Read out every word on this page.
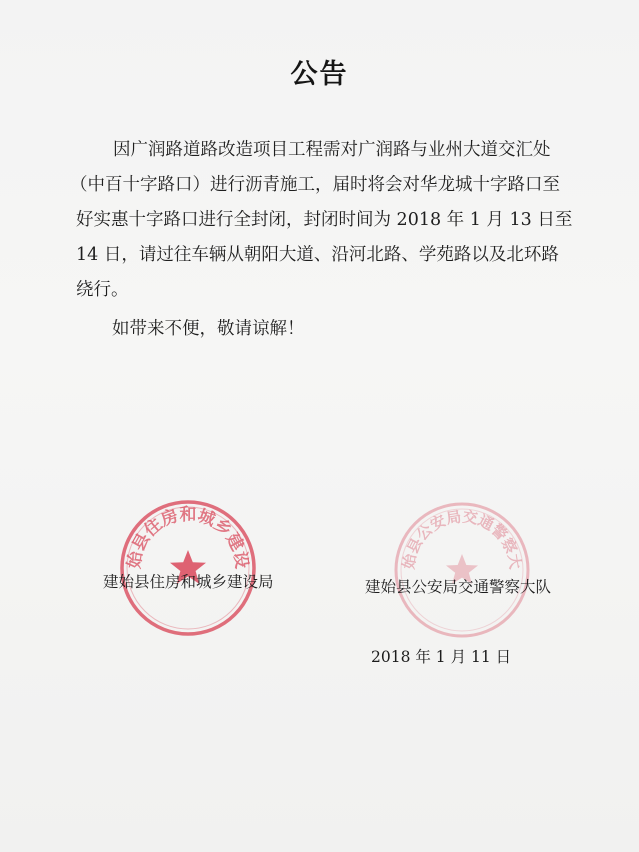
公告
因广润路道路改造项目工程需对广润路与业州大道交汇处
（中百十字路口）进行沥青施工，届时将会对华龙城十字路口至
好实惠十字路口进行全封闭，封闭时间为 2018 年 1 月 13 日至
14 日，请过往车辆从朝阳大道、沿河北路、学苑路以及北环路
绕行。
如带来不便，敬请谅解！
建始县住房和城乡建设局	建始县公安局交通警察大队
建始县住房和城乡建设局	建始县公安局交通警察大队
2018 年 1 月 11 日
